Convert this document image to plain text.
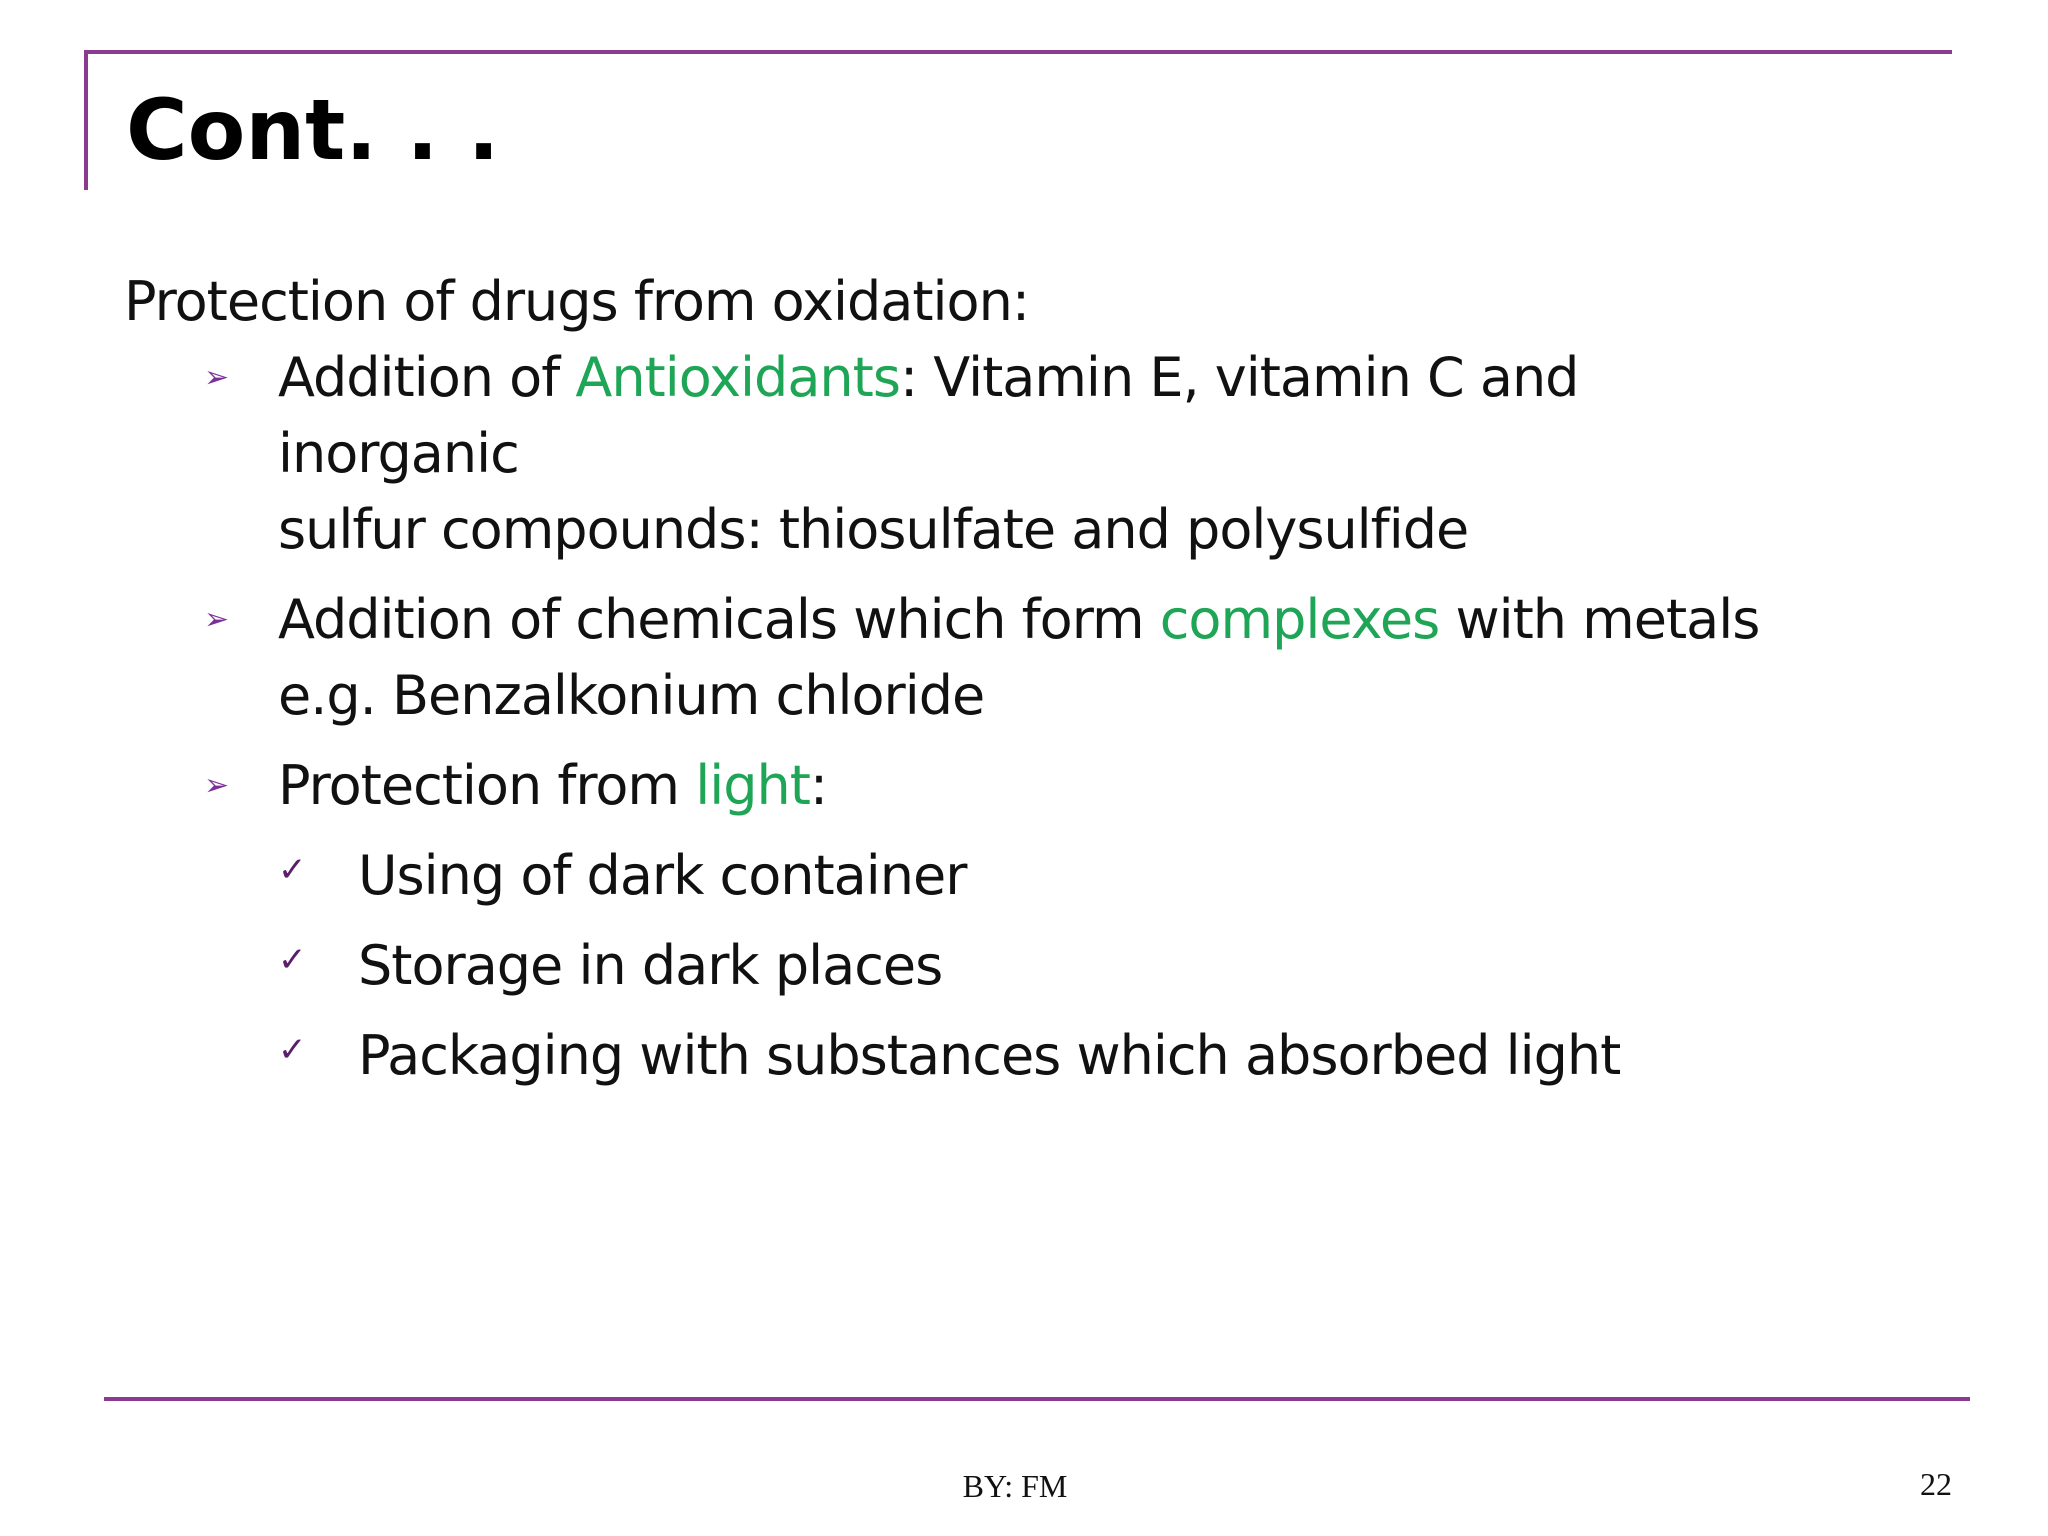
Cont. . .
Protection of drugs from oxidation:
➢ Addition of Antioxidants: Vitamin E, vitamin C and
inorganic
sulfur compounds: thiosulfate and polysulfide
➢ Addition of chemicals which form complexes with metals
e.g. Benzalkonium chloride
➢ Protection from light:
✓ Using of dark container
✓ Storage in dark places
✓ Packaging with substances which absorbed light
BY: FM	22
